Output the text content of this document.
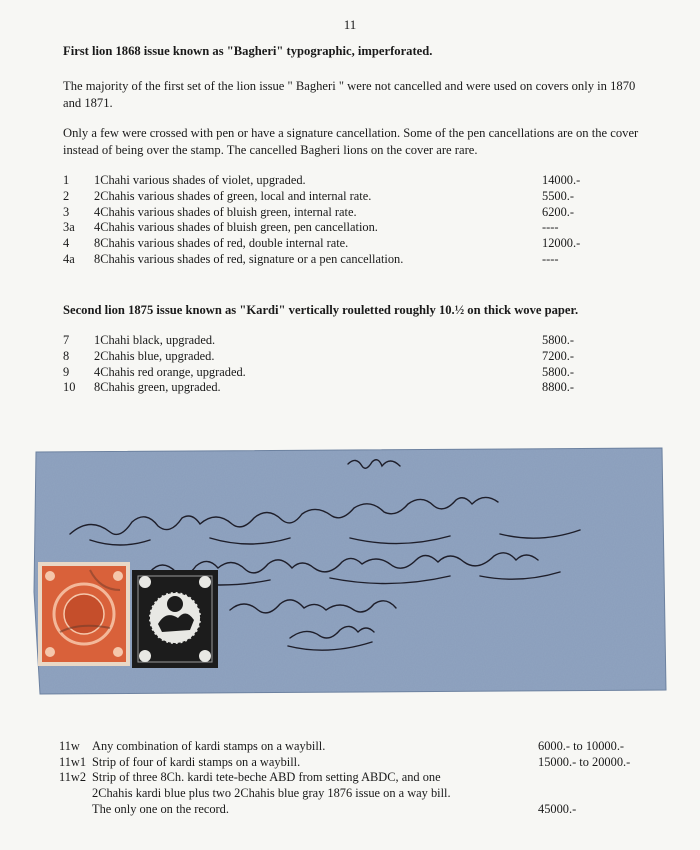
11
First lion 1868 issue known as "Bagheri" typographic, imperforated.
The majority of the first set of the lion issue " Bagheri " were not cancelled and were used on covers only in 1870 and 1871.
Only a few were crossed with pen or have a signature cancellation. Some of the pen cancellations are on the cover instead of being over the stamp. The cancelled Bagheri lions on the cover are rare.
1 1Chahi various shades of violet, upgraded.	14000.-
2 2Chahis various shades of green, local and internal rate.	5500.-
3 4Chahis various shades of bluish green, internal rate.	6200.-
3a 4Chahis various shades of bluish green, pen cancellation.	----
4 8Chahis various shades of red, double internal rate.	12000.-
4a 8Chahis various shades of red, signature or a pen cancellation.	----
Second lion 1875 issue known as "Kardi" vertically rouletted roughly 10.½ on thick wove paper.
7 1Chahi black, upgraded.	5800.-
8 2Chahis blue, upgraded.	7200.-
9 4Chahis red orange, upgraded.	5800.-
10 8Chahis green, upgraded.	8800.-
11w Any combination of kardi stamps on a waybill.	6000.- to 10000.-
11w1 Strip of four of kardi stamps on a waybill.	15000.- to 20000.-
11w2 Strip of three 8Ch. kardi tete-beche ABD from setting ABDC, and one
2Chahis kardi blue plus two 2Chahis blue gray 1876 issue on a way bill.
The only one on the record.	45000.-
